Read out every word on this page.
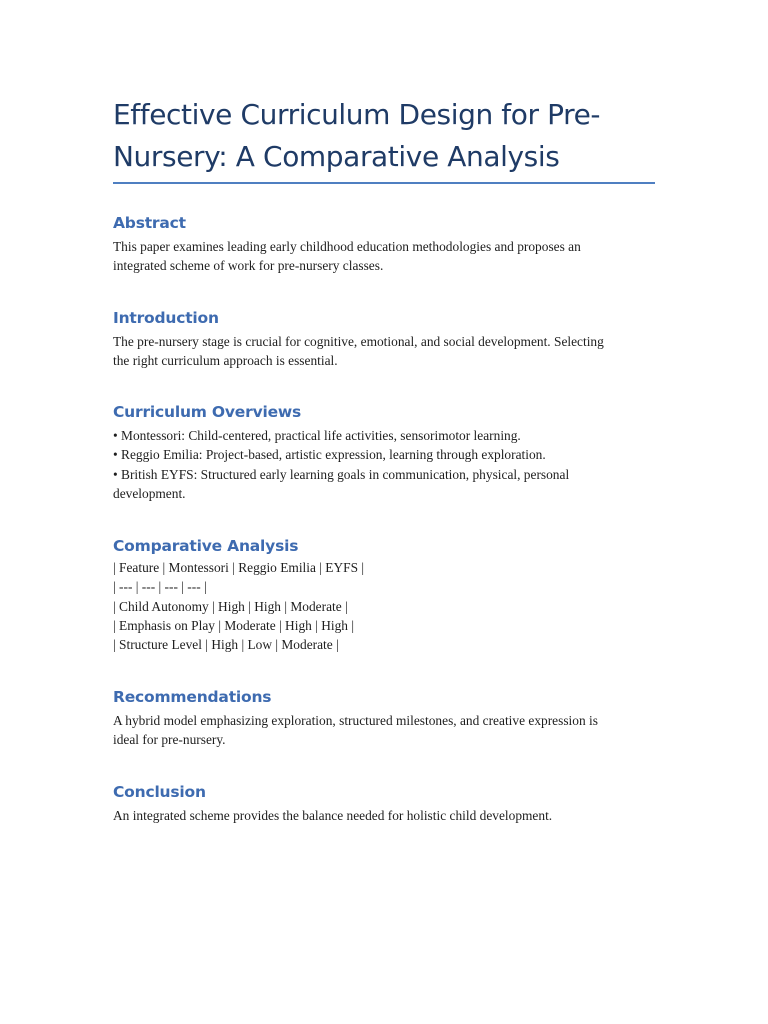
Effective Curriculum Design for Pre-
Nursery: A Comparative Analysis
Abstract

This paper examines leading early childhood education methodologies and proposes an
integrated scheme of work for pre-nursery classes.

Introduction

The pre-nursery stage is crucial for cognitive, emotional, and social development. Selecting
the right curriculum approach is essential.

Curriculum Overviews

• Montessori: Child-centered, practical life activities, sensorimotor learning.
• Reggio Emilia: Project-based, artistic expression, learning through exploration.
• British EYFS: Structured early learning goals in communication, physical, personal
development.

Comparative Analysis

| Feature | Montessori | Reggio Emilia | EYFS |
| --- | --- | --- | --- |
| Child Autonomy | High | High | Moderate |
| Emphasis on Play | Moderate | High | High |
| Structure Level | High | Low | Moderate |

Recommendations

A hybrid model emphasizing exploration, structured milestones, and creative expression is
ideal for pre-nursery.

Conclusion

An integrated scheme provides the balance needed for holistic child development.
